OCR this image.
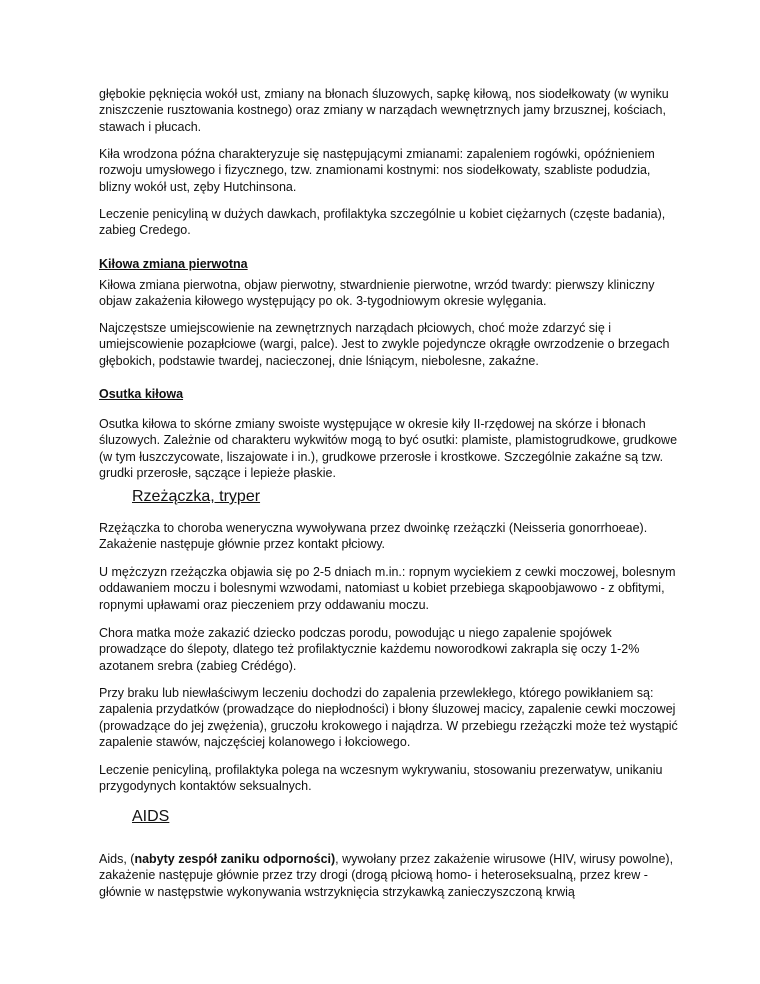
głębokie pęknięcia wokół ust, zmiany na błonach śluzowych, sapkę kiłową, nos siodełkowaty (w wyniku zniszczenie rusztowania kostnego) oraz zmiany w narządach wewnętrznych jamy brzusznej, kościach, stawach i płucach.

Kiła wrodzona późna charakteryzuje się następującymi zmianami: zapaleniem rogówki, opóźnieniem rozwoju umysłowego i fizycznego, tzw. znamionami kostnymi: nos siodełkowaty, szabliste podudzia, blizny wokół ust, zęby Hutchinsona.

Leczenie penicyliną w dużych dawkach, profilaktyka szczególnie u kobiet ciężarnych (częste badania), zabieg Credego.

Kiłowa zmiana pierwotna

Kiłowa zmiana pierwotna, objaw pierwotny, stwardnienie pierwotne, wrzód twardy: pierwszy kliniczny objaw zakażenia kiłowego występujący po ok. 3-tygodniowym okresie wylęgania.

Najczęstsze umiejscowienie na zewnętrznych narządach płciowych, choć może zdarzyć się i umiejscowienie pozapłciowe (wargi, palce). Jest to zwykle pojedyncze okrągłe owrzodzenie o brzegach głębokich, podstawie twardej, nacieczonej, dnie lśniącym, niebolesne, zakaźne.

Osutka kiłowa

Osutka kiłowa to skórne zmiany swoiste występujące w okresie kiły II-rzędowej na skórze i błonach śluzowych. Zależnie od charakteru wykwitów mogą to być osutki: plamiste, plamistogrudkowe, grudkowe (w tym łuszczycowate, liszajowate i in.), grudkowe przerosłe i krostkowe. Szczególnie zakaźne są tzw. grudki przerosłe, sączące i lepieże płaskie.

Rzeżączka, tryper

Rzężączka to choroba weneryczna wywoływana przez dwoinkę rzeżączki (Neisseria gonorrhoeae). Zakażenie następuje głównie przez kontakt płciowy.

U mężczyzn rzeżączka objawia się po 2-5 dniach m.in.: ropnym wyciekiem z cewki moczowej, bolesnym oddawaniem moczu i bolesnymi wzwodami, natomiast u kobiet przebiega skąpoobjawowo - z obfitymi, ropnymi upławami oraz pieczeniem przy oddawaniu moczu.

Chora matka może zakazić dziecko podczas porodu, powodując u niego zapalenie spojówek prowadzące do ślepoty, dlatego też profilaktycznie każdemu noworodkowi zakrapla się oczy 1-2% azotanem srebra (zabieg Crédégo).

Przy braku lub niewłaściwym leczeniu dochodzi do zapalenia przewlekłego, którego powikłaniem są: zapalenia przydatków (prowadzące do niepłodności) i błony śluzowej macicy, zapalenie cewki moczowej (prowadzące do jej zwężenia), gruczołu krokowego i najądrza. W przebiegu rzeżączki może też wystąpić zapalenie stawów, najczęściej kolanowego i łokciowego.

Leczenie penicyliną, profilaktyka polega na wczesnym wykrywaniu, stosowaniu prezerwatyw, unikaniu przygodynych kontaktów seksualnych.

AIDS

Aids, (nabyty zespół zaniku odporności), wywołany przez zakażenie wirusowe (HIV, wirusy powolne), zakażenie następuje głównie przez trzy drogi (drogą płciową homo- i heteroseksualną, przez krew - głównie w następstwie wykonywania wstrzyknięcia strzykawką zanieczyszczoną krwią
